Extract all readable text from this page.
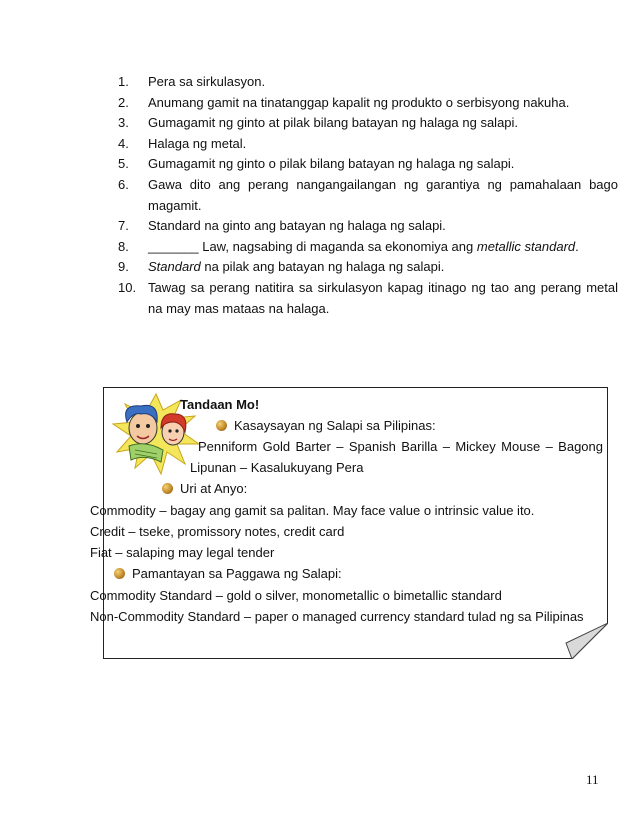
1. Pera sa sirkulasyon.
2. Anumang gamit na tinatanggap kapalit ng produkto o serbisyong nakuha.
3. Gumagamit ng ginto at pilak bilang batayan ng halaga ng salapi.
4. Halaga ng metal.
5. Gumagamit ng ginto o pilak bilang batayan ng halaga ng salapi.
6. Gawa dito ang perang nangangailangan ng garantiya ng pamahalaan bago magamit.
7. Standard na ginto ang batayan ng halaga ng salapi.
8. _______ Law, nagsabing di maganda sa ekonomiya ang metallic standard.
9. Standard na pilak ang batayan ng halaga ng salapi.
10. Tawag sa perang natitira sa sirkulasyon kapag itinago ng tao ang perang metal na may mas mataas na halaga.
Tandaan Mo!
Kasaysayan ng Salapi sa Pilipinas:
Penniform Gold Barter – Spanish Barilla – Mickey Mouse – Bagong
Lipunan – Kasalukuyang Pera
Uri at Anyo:
Commodity – bagay ang gamit sa palitan. May face value o intrinsic value ito.
Credit – tseke, promissory notes, credit card
Fiat – salaping may legal tender
Pamantayan sa Paggawa ng Salapi:
Commodity Standard – gold o silver, monometallic o bimetallic standard
Non-Commodity Standard – paper o managed currency standard tulad ng sa Pilipinas
11
